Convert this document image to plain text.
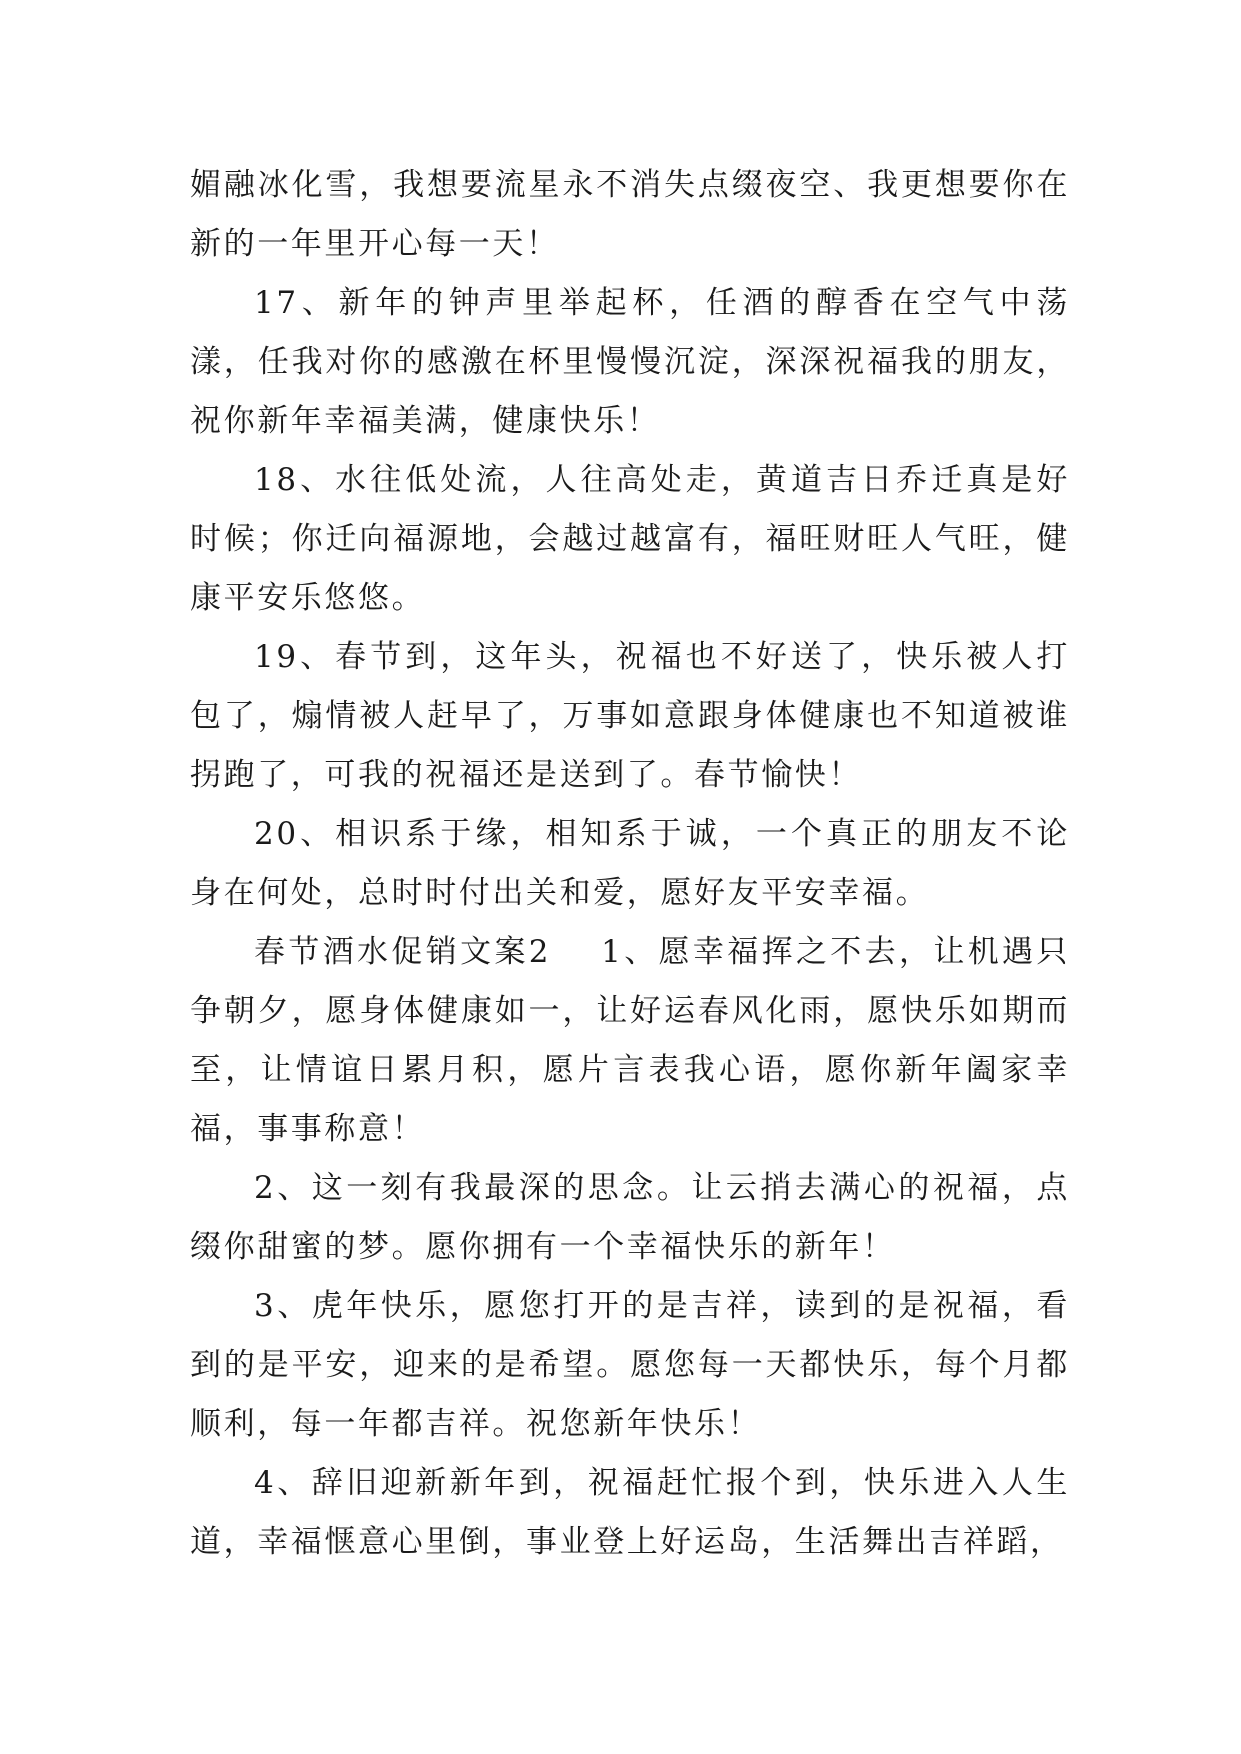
媚融冰化雪，我想要流星永不消失点缀夜空、我更想要你在新的一年里开心每一天！

17、新年的钟声里举起杯，任酒的醇香在空气中荡漾，任我对你的感激在杯里慢慢沉淀，深深祝福我的朋友，祝你新年幸福美满，健康快乐！

18、水往低处流，人往高处走，黄道吉日乔迁真是好时候；你迁向福源地，会越过越富有，福旺财旺人气旺，健康平安乐悠悠。

19、春节到，这年头，祝福也不好送了，快乐被人打包了，煽情被人赶早了，万事如意跟身体健康也不知道被谁拐跑了，可我的祝福还是送到了。春节愉快！

20、相识系于缘，相知系于诚，一个真正的朋友不论身在何处，总时时付出关和爱，愿好友平安幸福。

春节酒水促销文案2 1、愿幸福挥之不去，让机遇只争朝夕，愿身体健康如一，让好运春风化雨，愿快乐如期而至，让情谊日累月积，愿片言表我心语，愿你新年阖家幸福，事事称意！

2、这一刻有我最深的思念。让云捎去满心的祝福，点缀你甜蜜的梦。愿你拥有一个幸福快乐的新年！

3、虎年快乐，愿您打开的是吉祥，读到的是祝福，看到的是平安，迎来的是希望。愿您每一天都快乐，每个月都顺利，每一年都吉祥。祝您新年快乐！

4、辞旧迎新新年到，祝福赶忙报个到，快乐进入人生道，幸福惬意心里倒，事业登上好运岛，生活舞出吉祥蹈，
